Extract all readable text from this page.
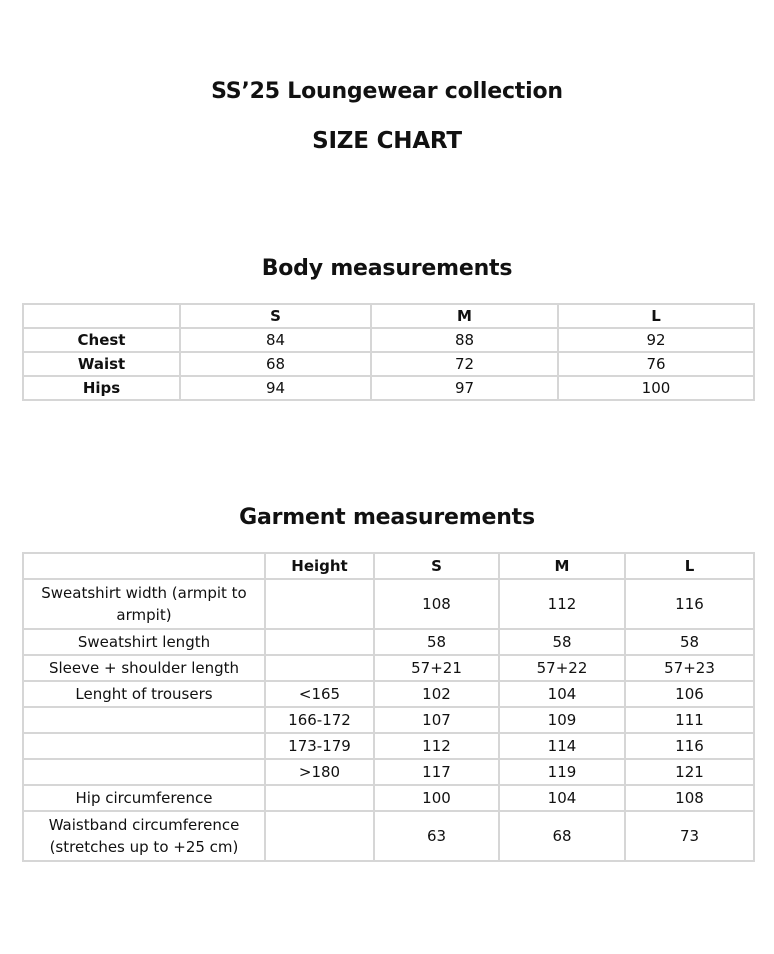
SS’25 Loungewear collection
SIZE CHART
Body measurements
	S	M	L
Chest	84	88	92
Waist	68	72	76
Hips	94	97	100
Garment measurements
	Height	S	M	L
Sweatshirt width (armpit to armpit)		108	112	116
Sweatshirt length		58	58	58
Sleeve + shoulder length		57+21	57+22	57+23
Lenght of trousers	<165	102	104	106
	166-172	107	109	111
	173-179	112	114	116
	>180	117	119	121
Hip circumference		100	104	108
Waistband circumference (stretches up to +25 cm)		63	68	73
